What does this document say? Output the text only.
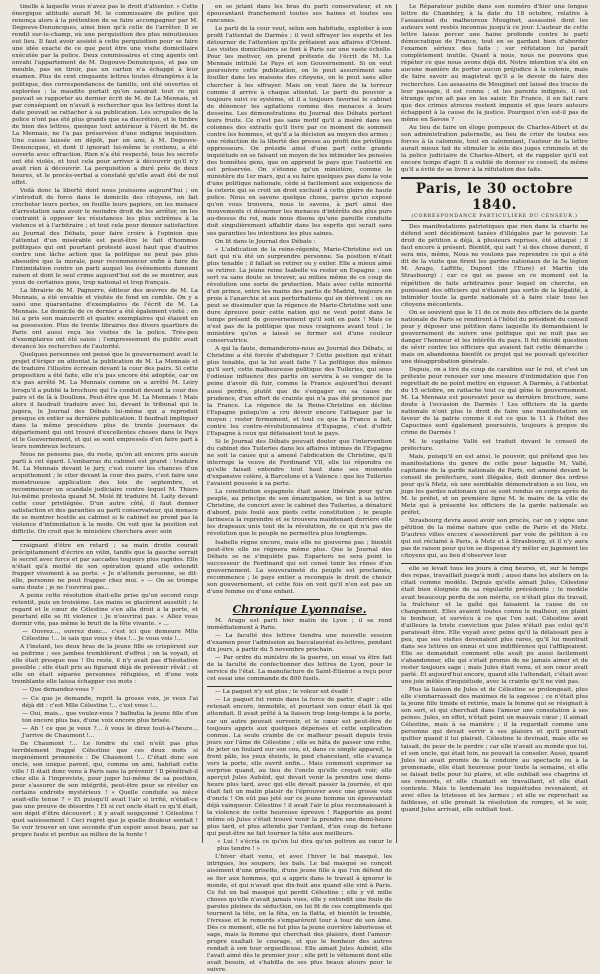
tinelle à laquelle vous n'avez pas le droit d'attenter. » Cette énergique attitude aurait M. le commissaire de police qui renonça alors à la prétention de se faire accompagner par M. Degouve-Denuncques, ainsi bien qu'à celle de l'arrêter. Il se rendit sur-le-champ, où une perquisition des plus minutieuses eut lieu. Il faut avoir assisté à cette perquisition pour se faire une idée exacte de ce que peut être une visite domiciliaire exécutée par la police. Deux commissaires et cinq agents ont envahi l'appartement de M. Degouve-Denuncques, et pas un meuble, pas un tiroir, pas un carton n'a échappé à leur examen. Plus de cent cinquante lettres toutes étrangères à la politique, des correspondances de famille, ont été ouvertes et explorées ; la maudite portait qu'on saisirait tout ce qui pouvait se rapporter au dernier écrit de M. de La Mennais, et par conséquent on n'avait à rechercher que les lettres dont la date pouvait se rattacher à sa publication. Les scrupules de la police n'ont pas été plus grands que sa discrétion, et le timbre de bien des lettres, quoique tout antérieur à l'écrit de M. de La Mennais, ne l'a pas préservées d'une indigne inquisition. Une caisse laissée en dépôt, par un ami, à M. Degouve-Denuncques, et dont il ignorait lui-même le contenu, a été ouverte avec effraction. Rien n'a été respecté, tous les secrets ont été violés, et tout cela pour arriver à découvrir qu'il n'y avait rien à découvrir. La perquisition a duré près de deux heures, et le procès-verbal a constaté qu'elle avait été de nul effet.

Voilà donc la liberté dont nous jouissons aujourd'hui ; on s'introduit de force dans le domicile des citoyens, on fait crocheter leurs portes, on fouille leurs papiers, on les menace d'arrestation sans avoir le moindre droit de les arrêter, on les contraint à opposer les résistances les plus extrêmes à la violence et à l'arbitraire ; et tout cela pour donner satisfaction au Journal des Débats, pour faire croire à l'opinion que l'attentat d'un misérable est peut-être le fait d'hommes politiques qui ont pourtant protesté aussi haut que d'autres contre une lâche action que la politique ne peut pas plus absoudre que la morale, pour recommencer enfin à faire de l'intimidation contre un parti auquel les événements donnent raison et dont le seul crime aujourd'hui est de se montrer, aux yeux de certaines gens, trop national et trop français.

La librairie de M. Pagnerre, éditeur des œuvres de M. La Mennais, a été envahie et visitée de fond en comble. On y a saisi une quarantaine d'exemplaires de l'écrit de M. La Mennais. Le domicile de ce dernier a été également visité ; on lui a pris son manuscrit et quatre exemplaires qui étaient en sa possession. Plus de trente libraires des divers quartiers de Paris ont aussi reçu les visites de la police. Très-peu d'exemplaires ont été saisis ; l'empressement du public avait devancé les recherches de l'autorité.

Quelques personnes ont pensé que le gouvernement avait le projet d'ériger en attentat la publication de M. La Mennais et de traduire l'illustre écrivain devant la cour des pairs. Si cette proposition a été faite, elle n'a pas encore été adoptée, car on n'a pas arrêté M. La Mennais comme on a arrêté M. Leiry lorsqu'il a publié la brochure qui l'a conduit devant la cour des pairs et de là à Doullens. Peut-être que M. La Mennais ! Mais alors il faudrait traduire avec lui, devant le tribunal qui le jugera, le Journal des Débats lui-même qui a reproduit presque en entier sa dernière publication. Il faudrait impliquer dans la même procédure plus de trente journaux de département qui ont trouvé d'excellentes choses dans le Pays et le Gouvernement, et qui se sont empressés d'en faire part à leurs nombreux lecteurs.

Nous ne pensons pas, du reste, qu'on ait encore pris aucun parti à cet égard. L'embarras du cabinet est grand : traduire M. La Mennais devant le jury, c'est courir les chances d'un acquittement ; le citer devant la cour des pairs, c'est faire une monstrueuse application des lois de septembre, et recommencer un scandale judiciaire contre lequel M. Thiers lui-même protesta quand M. Molé fit traduire M. Laity devant cette cour privilégiée. D'un autre côté, il faut donner satisfaction et des garanties au parti conservateur, qui menace de se montrer hostile au cabinet si le cabinet ne prend pas la violence d'intimidation à la mode. On voit que la position est difficile. On croit que le ministère cherchera avec soin

craignant d'être en retard ; sa main droite courait précipitamment d'écrire en vélin, tandis que la gauche serrait le secret avec force et par saccades toujours plus rapides. Elle n'était qu'à moitié de son opération quand elle entendit frapper vivement à sa porte. « Je n'attends personne, se dit-elle, personne ne peut frapper chez moi. » — On se trompe sans doute ; je ne l'ouvrirai pas...

A peine cette résolution était-elle prise qu'un second coup retentit, puis un troisième. Les mains se glacèrent aussitôt ; le regard et le cœur de Célestine s'en alla droit à la porte, et pourtant elle se fit violence : Je n'ouvrirai pas. « Allez vous dormir vite, pas même le bruit de la fête vivante. » ...

— Ouvrez..., ouvrez donc... c'est ici que demeure Mlle Célestine !... le sais que vous y êtes !... Je vous vois !...

A l'instant, les deux bras de la jeune fille se crispèrent sur sa poitrine ; ses jambes tremblèrent d'effroi ; on la voyait, et elle était presque nue ! Du reste, il n'y avait pas d'hésitation possible ; elle était pris au figurant déjà de prévenir rêvât ; et elle en était séparée personnes réfugiées, et d'une voix tremblante elle laissa échapper ces mots :

— Que demandez-vous ?

— Ce que je demande, reprit la grosse voix, je veux l'ai déjà dit : c'est Mlle Célestine !... c'est vous !...

— Oui, mais... que voulez-vous ? balbutia la jeune fille d'un ton encore plus bas, d'une voix encore plus brisée.

— Ah ! ce que je veux ?... ô vous le direz tout-à-l'heure... J'arrive de Chaumont !...

De Chaumont !... Le fondre du ciel n'eût pas plus terriblement frappé Célestine que ces deux mots si inopinément prononcés : De Chaumont !... C'était donc son oncle, son unique parent, qui, comme un ami, habitait cette ville ! Il était donc venu à Paris sans la prévenir ! Il pénétrait-il chez elle à l'improviste, pour juger lui-même de sa position, pour s'assurer de son intégrité, peut-être pour se révéler en certains endroits mystérieux ! « Quelle conduite sa nièce avait-elle tenue ? » Et puisqu'il avait l'air si irrité, n'était-ce pas une preuve de désordre ! Et si cet oncle était ce qu'il était, son dépit d'être découvert ; il y avait soupçonné ! Célestine ! quel saisissement ! Ceci regret que je quelle douleur sentait ! Se voir trouver en une seconde d'un espoir aussi beau, par sa propre faute et perdue au milieu de la honte !

en se jetant dans les bras du parti conservateur, et en épouvantant franchement toutes ses haines et toutes ses rancunes.

Le parti de la cour veut, selon son habitude, exploiter à son profit l'attentat de Darmès ; il veut effrayer les esprits et les détourner de l'attention qu'ils prêtaient aux affaires d'Orient. Les visites domiciliaires se font à Paris sur une vaste échelle. Pour les motiver, on prend prétexte de l'écrit de M. La Mennais intitulé Le Pays et son Gouvernement. Si on veut poursuivre cette publication, on le peut assurément sans fouiller dans les maisons des citoyens, on le peut sans aller chercher à les effrayer. Mais on veut faire de la terreur comme il arrive à chaque attentat. Le parti du pouvoir a toujours suivi ce système, et il a toujours favorisé le cabinet de dénoncer les agitations comme des menaces à leurs desseins. Les démonstrations du Journal des Débats portent leurs fruits. Ce n'est pas sans motif qu'il a inséré dans ses colonnes des extraits qu'il livre par ce moment de sommeil contre les hommes, et qu'il a la décision au moyen des armes ; une réduction de la liberté des presse au profit des privilèges oppresseurs. On préside ainsi d'une part cette grande inquiétude en se faisant un moyen de les intimider les pensées des honnêtes gens, que on apprend le pays que l'autorité en est préservée. On s'étonne qu'un ministère, comme le ministère du 1er mars, qui a su faire quelques pas dans la voie d'une politique nationale, cède si facilement aux exigences de la coterie qui se croit un droit exclusif à cette gloire de haute police. Nous en savons quelque chose, parce qu'un exposé qu'on vous trouvera, nous le savons, à part ainsi des mouvements ci désarmer les menaces d'intérêts des plus purs au-dessus du roi, mais nous disons qu'une pareille conduite doit singulièrement affaiblir dans les esprits qui serait sans ses garanties les intentions les plus saines.

On lit dans le Journal des Débats :

« L'abdication de la reine-régente, Marie-Christine est un fait qui n'a été un surprendre personne. Sa position n'était plus tenable ; il fallait se retirer ou y exiler. Elle a mieux aimé se retirer. La jeune reine Isabelle va rester en Espagne ; son sort va sans doute se trouver, au milieu même de ce coup de révolution une sorte de protection. Mais avec cette minorité d'un prince, entre les mains des partis de Madrid, toujours en proie à l'anarchie et aux perturbations qui en dérivent : on ne peut se dissimuler que la régence de Marie-Christine soit une dure épreuve pour cette nation qui ne veut point dans le temps présent de gouvernement qu'il soit en paix ! Mais ce n'est pas de la politique que nous craignons avant tout ; le ministère qu'on a laissé se former est d'une couleur conservatrice.

A qui la faute, demanderons-nous au Journal des Débats, si Christine a été forcée d'abdiquer ? Cette position qui n'était plus tenable, qui la lui avait faite ? La politique des mêmes qu'il sert, cette malheureuse politique des Tuileries, qui sous l'odieuse influence des partis on servira à se venger de la peine d'avoir dû fuir, comme la France aujourd'hui devant aussi perdre, plutôt que de s'engager en sa cause de prudence, d'un effort de crainte qui n'a pas été prononcé par la France. La régence de la Reine-Christine en décline l'Espagne puisqu'on a cru devoir encore l'attaquer par le moyen ; rester fermement, et tout ce que la France a fait, contre les contre-révolutionnaires d'Espagne, c'est d'offrir l'Espagne à ceux qui défaisaient tout le pays.

Si le Journal des Débats pouvait douter que l'intervention du cabinet des Tuileries dans les affaires intimes de l'Espagne ne soit la cause qui a amené l'abdication de Christine, qu'il interroge la veuve de Ferdinand VII, elle lui répondra ce qu'elle faisait entendre tout haut dans ses moments d'expansive colère, à Barcelone et à Valence : que les Tuileries l'avaient poussée à sa perte.

La constitution espagnole était assez libérale pour qu'un peuple, au principe de son émancipation, se tint à sa lettre. Christine, de concert avec le cabinet des Tuileries, a dénaturé d'abord, puis foulé aux pieds cette constitution ; le peuple farinesca la reprendre et se trouvera maintenant derrière elle les drapeaux unis tout de la révolution, de ce qui n'a pas de révolution que le peuple ne permettra plus longtemps.

Isabelle règne encore, mais elle ne gouverne pas ; bientôt peut-être elle ne régnera même plus. Que le Journal des Débats se ne s'inquiète pas. Espartero ne sera point le successeur de Ferdinand qui est censé tenir les rênes d'un gouvernement. La souveraineté du peuple est proclamée, recommence ; le pays entier a reconquis le droit de choisir son gouvernement, et cette fois on voit qu'il n'en est pas un d'une femme ou d'une enfant.

Chronique Lyonnaise.

M. Arago est parti hier matin de Lyon ; il se rend immédiatement à Paris.

— La faculté des lettres tiendra une nouvelle session d'examen pour l'admission au baccalauréat ès-lettres, pendant dix jours, à partir du 5 novembre prochain.

— Par ordre du ministre de la guerre, un essai va être fait de la faculté de confectionner des lettres de Lyon, pour le service de l'état. La manufacture de Saint-Étienne a reçu pour cet essai une commande de 800 fusils.

— La paquet n'y est plus ; le voleur est évadé !

— Le paquet fut remis dans la force de partir, d'agir ; elle retenait encore, immobile, et pourtant son cœur était là qui attendait. Il avait prêté à la liaison trop long-temps à la porte, car un autre pouvait survenir, et le cœur est peut-être de toujours appris aux quelques dépenses et cette explication connue. La seule crainte de ce malheur pesait depuis trois jours sur l'âme de Célestine ; elle se hâta de passer une robe, de jeter un foulard sur son cou, et, dans ce simple appareil, le front pâle, les yeux éteints, le pied chancelant, elle s'avança vers la porte, elle ouvrit enfin... Mais comment exprimer sa surprise quand, au lieu de l'oncle qu'elle croyait voir, elle aperçut Jules Aubéid, qui devait venir la prendre une demi-heure plus tard, avec qui elle devait passer la journée, et qui était fait un malin plaisir de l'éprouver avec une grosse voix d'oncle ! On eût pas jeté sur ce jeune homme un épouvantail déjà vainqueur. Célestine ! il avait l'air le plus reconnaissant à la violence de cette heureuse épreuve ! Rapportée au point même où Jules s'était trouvé venir la prendre une demi-heure plus tard, et plus attendu par l'enfant, d'un coup de fortune qui peut-être ne fait tourner la tête aux meilleurs.

« Lui ! s'écria ce qu'on lui dira qu'un poltron au cœur le plus tendre ! »

L'hiver était venu, et avec l'hiver le bal masqué, les intrigues, les soupers, les bals. Le bal masqué se conçoit aisément d'une grisette, d'une jeune fille à qui l'on défend de se fier aux hommes, qui a appris dans le travail à ignorer le monde, et qui n'avait que dix-huit ans quand elle vint à Paris. Ce fut un bal masqué qui perdit Célestine ; elle y vit mille choses qu'elle n'avait jamais vues, elle y entendit une foule de paroles pleines de séduction, on lui fit de ces compliments qui tournent la tête, on la fêta, on la flatta, et bientôt le trouble, l'ivresse et le remords s'emparèrent tour à tour de son âme. Dès ce moment, elle ne fut plus la jeune ouvrière laborieuse et sage, mais la femme qui cherchait des plaisirs, dont l'amour-propre exaltait le courage, et que le bonheur des autres rendait à son tour orgueilleuse. Elle aimait Jules Aubéid, elle l'avait aimé dès le premier jour ; elle prit le vêtement dont elle avait besoin, et s'habilla de ses plus beaux atours pour le suivre.

Le Réparateur publie dans son numéro d'hier une longue lettre de Chambéry, à la date du 18 octobre, relative à l'assassinat du malheureux Mouginet, assassiné dont les auteurs sont restés inconnus jusqu'à ce jour. L'auteur de cette lettre laisse percer une haine profonde contre le parti démocratique de France, tout en se gardant bien d'aborder l'examen sérieux des faits ; sur réfutation lui paraît complètement inutile. Quant à nous, nous ne pouvons que répéter ce que nous avons déjà dit. Notre intention n'a été en aucune manière de porter aucun préjudice à la colonie, mais de faire savoir au magistrat qu'il a le devoir de faire des recherches. Les assassins de Mouginet ont laissé des traces de leur passage, il est connu ; et les parents indignés, il est étrange qu'on ait pas en les saisir. En France, il en fait rare que des crimes atroces restent impunis et que leurs auteurs échappent à la cause de la justice. Pourquoi n'en est-il pas de même en Savoie ?

Au lieu de faire un éloge pompeux de Charles-Albert et de son administration paternelle, au lieu de crier de toutes ses forces à la calomnie, tout en calomniant, l'auteur de la lettre aurait mieux fait de stimuler le zèle des juges criminels et de la police judiciaire de Charles-Albert, et de rappeler qu'il est encore temps d'agir. Il a oublié de donner ce conseil, de même qu'il a évité de se livrer à la réfutation des faits.

Paris, le 30 octobre 1840.
(CORRESPONDANCE PARTICULIÈRE DU CENSEUR.)

Des manifestations patriotiques que rien dans la charte ne défend sont décidément taxées d'illégales par le pouvoir. Le droit de pétition a déjà, à plusieurs reprises, été attaqué ; il faut encore à présent. Bientôt, qui sait ! si des chose durent, il sera mis, même, Nous ne voulons pas reprendre ce qui a été dit de la visite que firent les gardes nationaux de la 5e légion M. Arago, Laffitte, Dupont (de l'Eure) et Martin (de Strasbourg) ; car ce qui se passe en ce moment est la répétition de faits arbitraires pour lequel on cherche, en punissant des officiers qui n'étaient pas sortis de la légalité, à intimider toute la garde nationale et à faire clair tous les citoyens mécontents.

On se souvient que le 11 de ce mois des officiers de la garde nationale de Paris se rendirent à l'hôtel du président du conseil pour y déposer une pétition dans laquelle ils demandaient le gouvernement de suivre une politique qui ne nuit pas au danger l'honneur et les intérêts du pays. Il fut décidé question de sévir contre les officiers qui avaient fait cette démarche ; mais on abandonna bientôt ce projet qui ne pouvait qu'exciter une désapprobation générale.

Depuis, on a tiré du coup de carabine sur le roi, et c'est un prétexte pour renouer sur une mesure d'intimidation que l'on regrettait de ne point mettre en vigueur. A Darmès, à l'attentat du 15 octobre, on rattache tout ce qui gêne le gouvernement. M. La Mennais est poursuivi pour sa dernière brochure, sans doute à l'occasion de Darmès ! Les officiers de la garde nationale n'ont plus le droit de faire une manifestation en faveur de la patrie comme il est ce que le 11 à l'hôtel des Capucines sont également poursuivis, toujours à propos du crime de Darmès !

M. le capitaine Vallé est traduit devant le conseil de préfecture.

Mais, puisqu'il en est ainsi, le pouvoir, qui prétend que les manifestations du genre de celle pour laquelle M. Vallé, capitaine de la garde nationale de Paris, est amené devant le conseil de préfecture, sont illégales, doit donner des ordres pour qu'à Metz, où une semblable démonstration a eu lieu, on juge les gardes nationaux qui se sont rendus en corps après de M. le préfet, et on première ligne M. le maire de la ville de Metz qui à présenté les officiers de la garde nationale au préfet.

Strasbourg devra aussi avoir son procès, car on y signe une pétition de la même nature que celle de Paris et de Metz. D'autres villes encore s'associèrent par voie de pétition à ce qui est réclamé à Paris, à Metz et à Strasbourg, et il n'y aura pas de raison pour qu'on se dispense d'y mêler en jugement les citoyens qui, au lieu d'observer leur

elle se levait tous les jours à cinq heures, et, sur le temps des repas, travaillait jusqu'à midi ; aussi dans les ateliers on la citait comme modèle. Depuis qu'elle aimait Jules, Célestine était bien éloignée de sa régularité précédente ; le modèle avait beaucoup perdu de son mérite, ce n'était plus du travail, la fraîcheur et la gaîté qui faisaient la cause de ce changement. Elles avaient toutes connu le malheur, en plaint le bonheur, et survécu à ce que l'on sait. Célestine avait d'ailleurs la triste conviction que Jules n'était pas celui qu'il paraissait être. Elle voyait avec peine qu'il la délaissait peu à peu, que ses visites devenaient plus rares, qu'il lui montrait dans ses lettres un ennui et une indifférence qui l'affligeaient. Elle se demandait comment elle avait pu aussi facilement s'abandonner, elle qui s'était promis de ne jamais aimer et de rester toujours sage ; mais Jules était venu, et son cœur avait parlé. Et aujourd'hui encore, quand elle l'attendait, c'était avec une joie mêlée d'inquiétude, avec la crainte qu'il ne vint pas.

Plus la liaison de Jules et de Célestine se prolongeait, plus elle s'embarrassait des maximes de la sagesse ; ce n'était plus la jeune fille timide et retirée, mais la femme qui se résignait à son sort, et qui cherchait dans l'amour une consolation à ses peines. Jules, en effet, n'était point un mauvais cœur ; il aimait Célestine, mais à sa manière ; il la regardait comme une personne qui devait servir à ses plaisirs et qu'il pourrait quitter quand il lui plairait. Célestine le devinait, mais elle se taisait, de peur de le perdre ; car elle n'avait au monde que lui, et son oncle, qui était loin, ne pouvait la consoler. Aussi, quand Jules lui avait promis de la conduire au spectacle ou à la promenade, elle était heureuse pour toute la semaine, et elle se faisait belle pour lui plaire, et elle oubliait ses chagrins et ses remords, et elle chantait en travaillant, et elle était contente. Mais le lendemain les inquiétudes revenaient, et avec elles la tristesse et les larmes ; et elle se reprochait sa faiblesse, et elle prenait la résolution de rompre, et le soir, quand Jules arrivait, elle oubliait tout.
